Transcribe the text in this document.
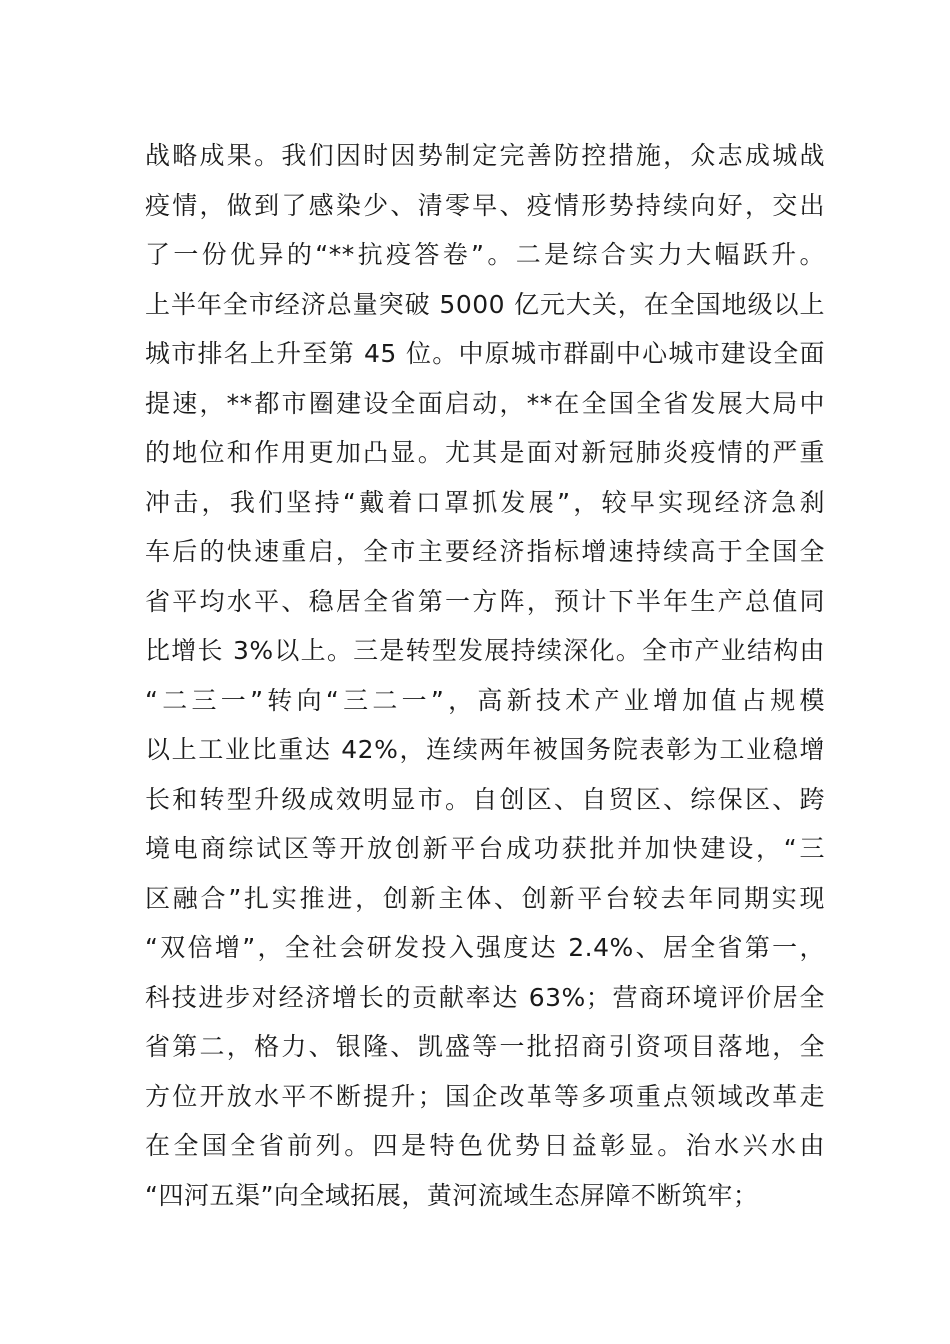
战略成果。我们因时因势制定完善防控措施，众志成城战
疫情，做到了感染少、清零早、疫情形势持续向好，交出
了一份优异的“**抗疫答卷”。二是综合实力大幅跃升。
上半年全市经济总量突破 5000 亿元大关，在全国地级以上
城市排名上升至第 45 位。中原城市群副中心城市建设全面
提速，**都市圈建设全面启动，**在全国全省发展大局中
的地位和作用更加凸显。尤其是面对新冠肺炎疫情的严重
冲击，我们坚持“戴着口罩抓发展”，较早实现经济急刹
车后的快速重启，全市主要经济指标增速持续高于全国全
省平均水平、稳居全省第一方阵，预计下半年生产总值同
比增长 3%以上。三是转型发展持续深化。全市产业结构由
“二三一”转向“三二一”，高新技术产业增加值占规模
以上工业比重达 42%，连续两年被国务院表彰为工业稳增
长和转型升级成效明显市。自创区、自贸区、综保区、跨
境电商综试区等开放创新平台成功获批并加快建设，“三
区融合”扎实推进，创新主体、创新平台较去年同期实现
“双倍增”，全社会研发投入强度达 2.4%、居全省第一，
科技进步对经济增长的贡献率达 63%；营商环境评价居全
省第二，格力、银隆、凯盛等一批招商引资项目落地，全
方位开放水平不断提升；国企改革等多项重点领域改革走
在全国全省前列。四是特色优势日益彰显。治水兴水由
“四河五渠”向全域拓展，黄河流域生态屏障不断筑牢；
